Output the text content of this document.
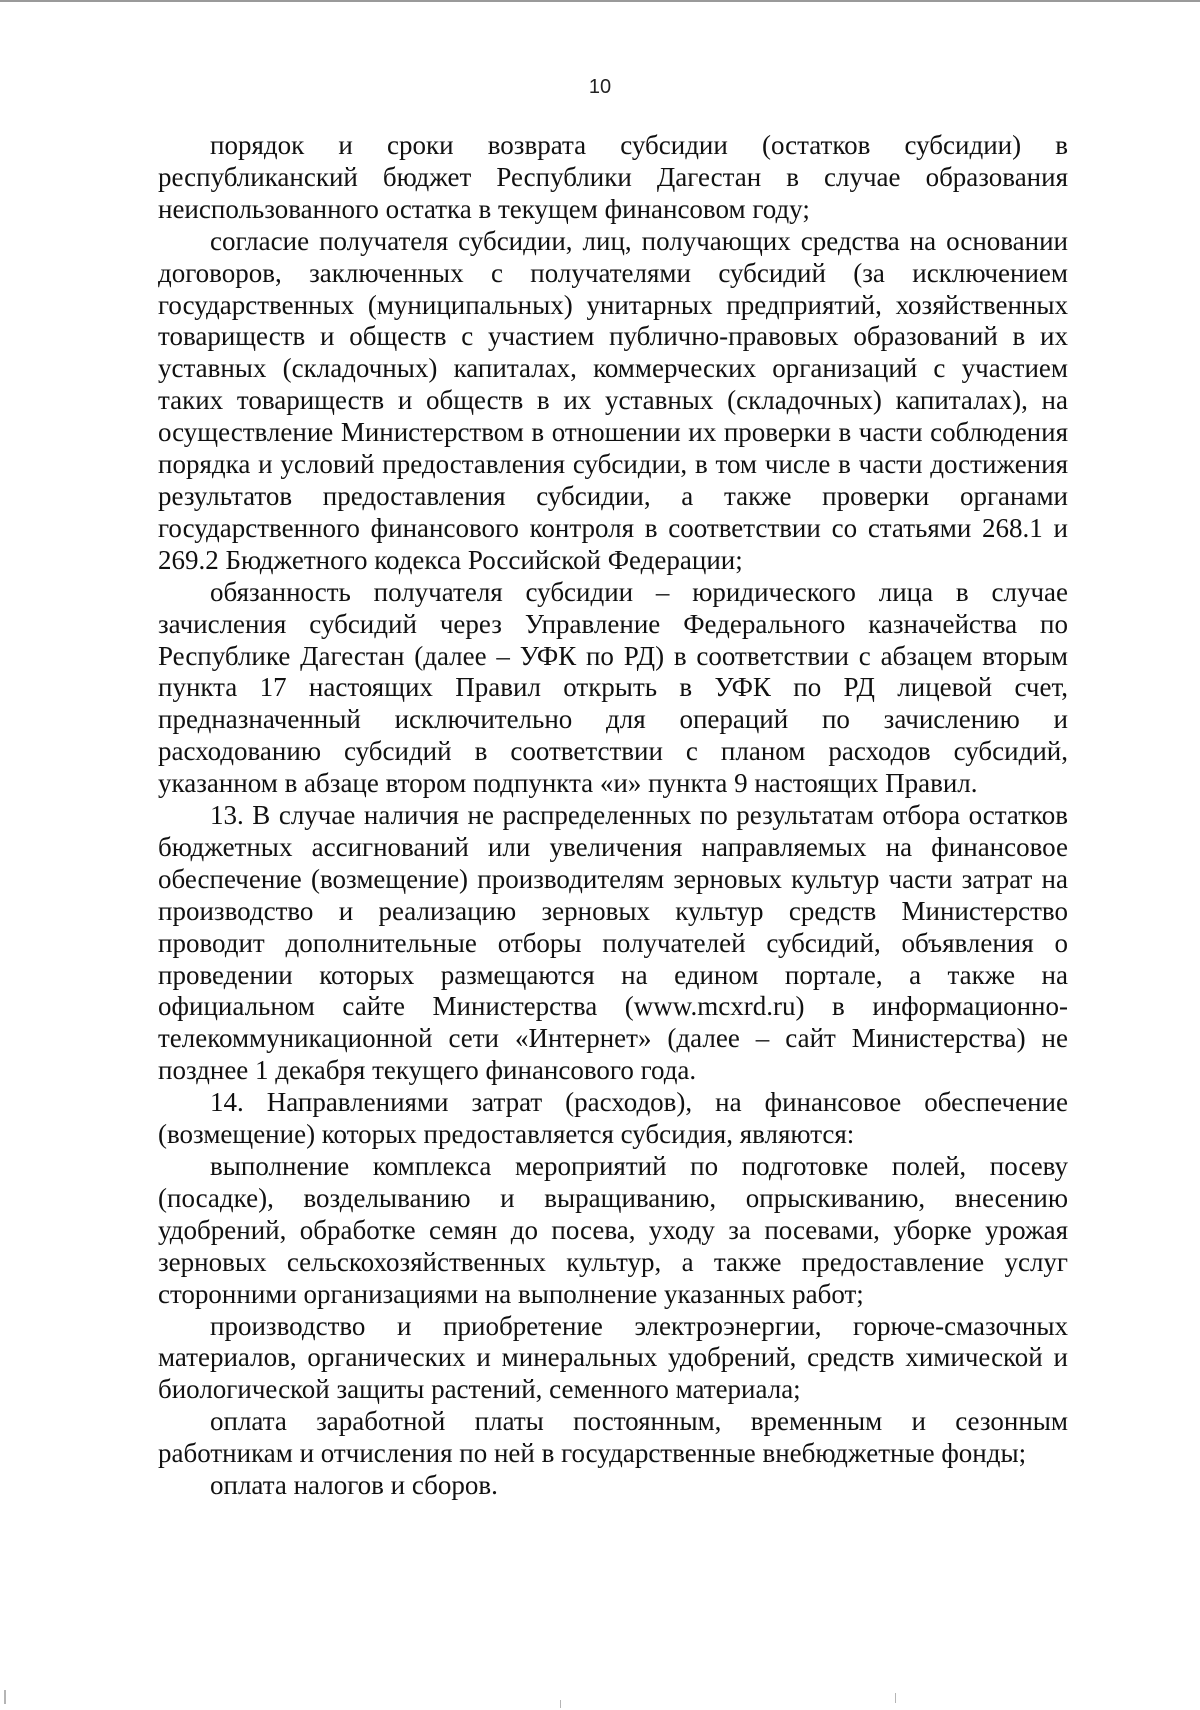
10

порядок и сроки возврата субсидии (остатков субсидии) в республиканский бюджет Республики Дагестан в случае образования неиспользованного остатка в текущем финансовом году;

согласие получателя субсидии, лиц, получающих средства на основании договоров, заключенных с получателями субсидий (за исключением государственных (муниципальных) унитарных предприятий, хозяйственных товариществ и обществ с участием публично-правовых образований в их уставных (складочных) капиталах, коммерческих организаций с участием таких товариществ и обществ в их уставных (складочных) капиталах), на осуществление Министерством в отношении их проверки в части соблюдения порядка и условий предоставления субсидии, в том числе в части достижения результатов предоставления субсидии, а также проверки органами государственного финансового контроля в соответствии со статьями 268.1 и 269.2 Бюджетного кодекса Российской Федерации;

обязанность получателя субсидии – юридического лица в случае зачисления субсидий через Управление Федерального казначейства по Республике Дагестан (далее – УФК по РД) в соответствии с абзацем вторым пункта 17 настоящих Правил открыть в УФК по РД лицевой счет, предназначенный исключительно для операций по зачислению и расходованию субсидий в соответствии с планом расходов субсидий, указанном в абзаце втором подпункта «и» пункта 9 настоящих Правил.

13. В случае наличия не распределенных по результатам отбора остатков бюджетных ассигнований или увеличения направляемых на финансовое обеспечение (возмещение) производителям зерновых культур части затрат на производство и реализацию зерновых культур средств Министерство проводит дополнительные отборы получателей субсидий, объявления о проведении которых размещаются на едином портале, а также на официальном сайте Министерства (www.mcxrd.ru) в информационно-телекоммуникационной сети «Интернет» (далее – сайт Министерства) не позднее 1 декабря текущего финансового года.

14. Направлениями затрат (расходов), на финансовое обеспечение (возмещение) которых предоставляется субсидия, являются:

выполнение комплекса мероприятий по подготовке полей, посеву (посадке), возделыванию и выращиванию, опрыскиванию, внесению удобрений, обработке семян до посева, уходу за посевами, уборке урожая зерновых сельскохозяйственных культур, а также предоставление услуг сторонними организациями на выполнение указанных работ;

производство и приобретение электроэнергии, горюче-смазочных материалов, органических и минеральных удобрений, средств химической и биологической защиты растений, семенного материала;

оплата заработной платы постоянным, временным и сезонным работникам и отчисления по ней в государственные внебюджетные фонды;

оплата налогов и сборов.
